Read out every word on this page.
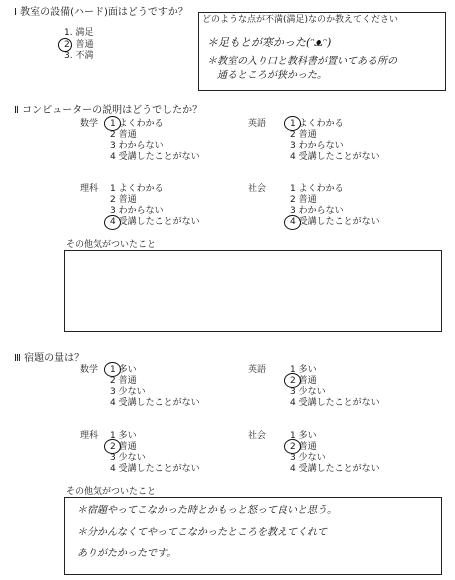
Ⅰ 教室の設備(ハード)面はどうですか？
1. 満足
2. 普通
3. 不満
どのような点が不満(満足)なのか教えてください
＊足もとが寒かった(ᵔᴥᵔ)
＊教室の入り口と教科書が置いてある所の
通るところが狭かった。
Ⅱ コンピューターの説明はどうでしたか？
数学 1 よくわかる
2 普通
3 わからない
4 受講したことがない
英語	1 よくわかる
2 普通
3 わからない
4 受講したことがない
理科 1 よくわかる
2 普通
3 わからない
4 受講したことがない
社会	1 よくわかる
2 普通
3 わからない
4 受講したことがない
その他気がついたこと
Ⅲ 宿題の量は？
数学 1 多い
2 普通
3 少ない
4 受講したことがない
英語	1 多い
2 普通
3 少ない
4 受講したことがない
理科 1 多い
2 普通
3 少ない
4 受講したことがない
社会	1 多い
2 普通
3 少ない
4 受講したことがない
その他気がついたこと
＊宿題やってこなかった時とかもっと怒って良いと思う。
＊分かんなくてやってこなかったところを教えてくれて
ありがたかったです。
